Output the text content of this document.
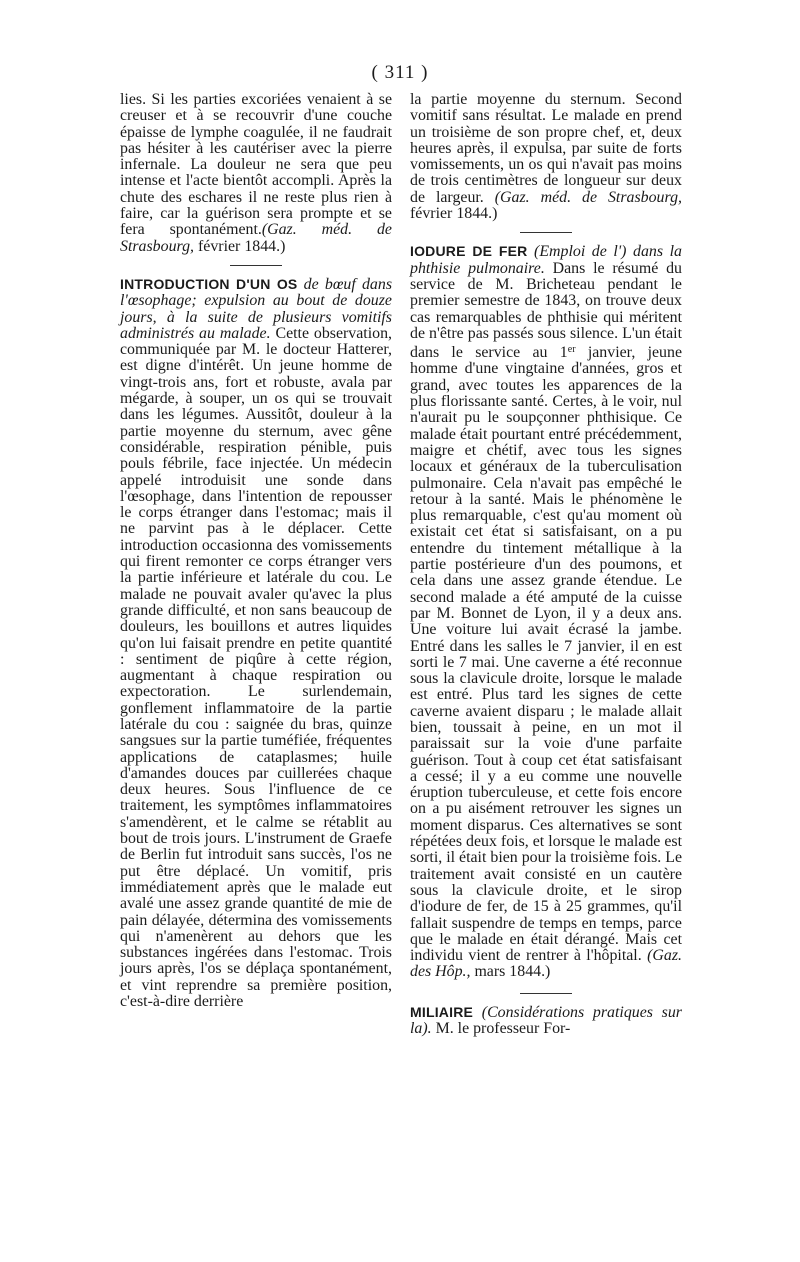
( 311 )

lies. Si les parties excoriées venaient à se creuser et à se recouvrir d'une couche épaisse de lymphe coagulée, il ne faudrait pas hésiter à les cautériser avec la pierre infernale. La douleur ne sera que peu intense et l'acte bientôt accompli. Après la chute des eschares il ne reste plus rien à faire, car la guérison sera prompte et se fera spontanément.(Gaz. méd. de Strasbourg, février 1844.)

INTRODUCTION D'UN OS de bœuf dans l'œsophage; expulsion au bout de douze jours, à la suite de plusieurs vomitifs administrés au malade. Cette observation, communiquée par M. le docteur Hatterer, est digne d'intérêt. Un jeune homme de vingt-trois ans, fort et robuste, avala par mégarde, à souper, un os qui se trouvait dans les légumes. Aussitôt, douleur à la partie moyenne du sternum, avec gêne considérable, respiration pénible, puis pouls fébrile, face injectée. Un médecin appelé introduisit une sonde dans l'œsophage, dans l'intention de repousser le corps étranger dans l'estomac; mais il ne parvint pas à le déplacer. Cette introduction occasionna des vomissements qui firent remonter ce corps étranger vers la partie inférieure et latérale du cou. Le malade ne pouvait avaler qu'avec la plus grande difficulté, et non sans beaucoup de douleurs, les bouillons et autres liquides qu'on lui faisait prendre en petite quantité : sentiment de piqûre à cette région, augmentant à chaque respiration ou expectoration. Le surlendemain, gonflement inflammatoire de la partie latérale du cou : saignée du bras, quinze sangsues sur la partie tuméfiée, fréquentes applications de cataplasmes; huile d'amandes douces par cuillerées chaque deux heures. Sous l'influence de ce traitement, les symptômes inflammatoires s'amendèrent, et le calme se rétablit au bout de trois jours. L'instrument de Graefe de Berlin fut introduit sans succès, l'os ne put être déplacé. Un vomitif, pris immédiatement après que le malade eut avalé une assez grande quantité de mie de pain délayée, détermina des vomissements qui n'amenèrent au dehors que les substances ingérées dans l'estomac. Trois jours après, l'os se déplaça spontanément, et vint reprendre sa première position, c'est-à-dire derrière

la partie moyenne du sternum. Second vomitif sans résultat. Le malade en prend un troisième de son propre chef, et, deux heures après, il expulsa, par suite de forts vomissements, un os qui n'avait pas moins de trois centimètres de longueur sur deux de largeur. (Gaz. méd. de Strasbourg, février 1844.)

IODURE DE FER (Emploi de l') dans la phthisie pulmonaire. Dans le résumé du service de M. Bricheteau pendant le premier semestre de 1843, on trouve deux cas remarquables de phthisie qui méritent de n'être pas passés sous silence. L'un était dans le service au 1er janvier, jeune homme d'une vingtaine d'années, gros et grand, avec toutes les apparences de la plus florissante santé. Certes, à le voir, nul n'aurait pu le soupçonner phthisique. Ce malade était pourtant entré précédemment, maigre et chétif, avec tous les signes locaux et généraux de la tuberculisation pulmonaire. Cela n'avait pas empêché le retour à la santé. Mais le phénomène le plus remarquable, c'est qu'au moment où existait cet état si satisfaisant, on a pu entendre du tintement métallique à la partie postérieure d'un des poumons, et cela dans une assez grande étendue. Le second malade a été amputé de la cuisse par M. Bonnet de Lyon, il y a deux ans. Une voiture lui avait écrasé la jambe. Entré dans les salles le 7 janvier, il en est sorti le 7 mai. Une caverne a été reconnue sous la clavicule droite, lorsque le malade est entré. Plus tard les signes de cette caverne avaient disparu ; le malade allait bien, toussait à peine, en un mot il paraissait sur la voie d'une parfaite guérison. Tout à coup cet état satisfaisant a cessé; il y a eu comme une nouvelle éruption tuberculeuse, et cette fois encore on a pu aisément retrouver les signes un moment disparus. Ces alternatives se sont répétées deux fois, et lorsque le malade est sorti, il était bien pour la troisième fois. Le traitement avait consisté en un cautère sous la clavicule droite, et le sirop d'iodure de fer, de 15 à 25 grammes, qu'il fallait suspendre de temps en temps, parce que le malade en était dérangé. Mais cet individu vient de rentrer à l'hôpital. (Gaz. des Hôp., mars 1844.)

MILIAIRE (Considérations pratiques sur la). M. le professeur For-
